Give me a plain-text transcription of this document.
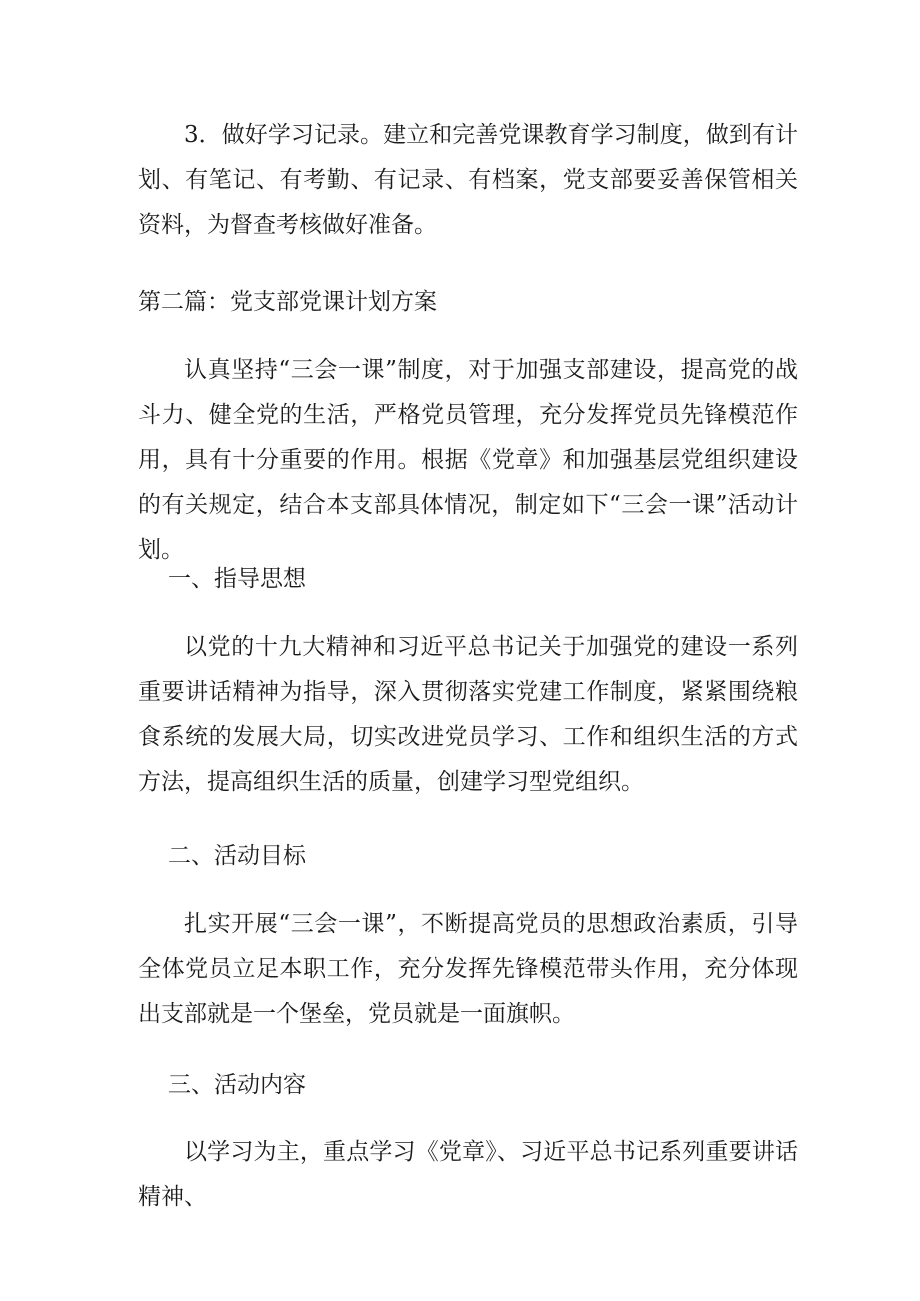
3．做好学习记录。建立和完善党课教育学习制度，做到有计划、有笔记、有考勤、有记录、有档案，党支部要妥善保管相关资料，为督查考核做好准备。

第二篇：党支部党课计划方案

认真坚持“三会一课”制度，对于加强支部建设，提高党的战斗力、健全党的生活，严格党员管理，充分发挥党员先锋模范作用，具有十分重要的作用。根据《党章》和加强基层党组织建设的有关规定，结合本支部具体情况，制定如下“三会一课”活动计划。

一、指导思想

以党的十九大精神和习近平总书记关于加强党的建设一系列重要讲话精神为指导，深入贯彻落实党建工作制度，紧紧围绕粮食系统的发展大局，切实改进党员学习、工作和组织生活的方式方法，提高组织生活的质量，创建学习型党组织。

二、活动目标

扎实开展“三会一课”，不断提高党员的思想政治素质，引导全体党员立足本职工作，充分发挥先锋模范带头作用，充分体现出支部就是一个堡垒，党员就是一面旗帜。

三、活动内容

以学习为主，重点学习《党章》、习近平总书记系列重要讲话精神、
